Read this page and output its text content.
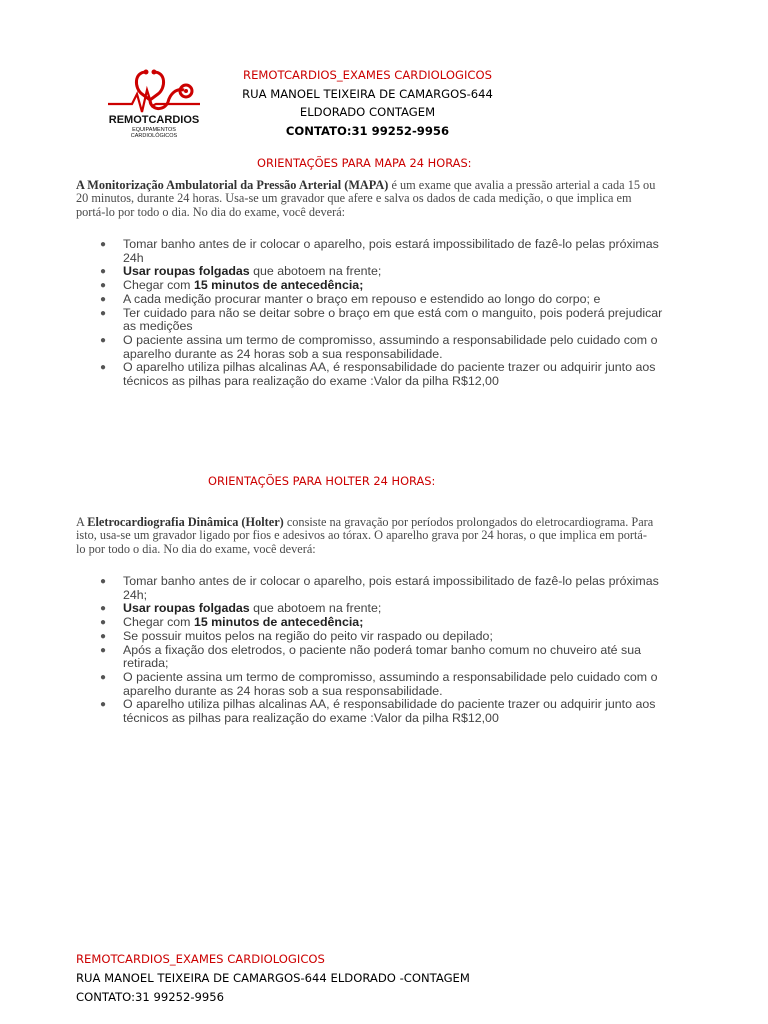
REMOTCARDIOS
EQUIPAMENTOS
CARDIOLÓGICOS
REMOTCARDIOS_EXAMES CARDIOLOGICOS
RUA MANOEL TEIXEIRA DE CAMARGOS-644
ELDORADO CONTAGEM
CONTATO:31 99252-9956
ORIENTAÇÕES PARA MAPA 24 HORAS:
A Monitorização Ambulatorial da Pressão Arterial (MAPA) é um exame que avalia a pressão arterial a cada 15 ou 20 minutos, durante 24 horas. Usa-se um gravador que afere e salva os dados de cada medição, o que implica em portá-lo por todo o dia. No dia do exame, você deverá:
● Tomar banho antes de ir colocar o aparelho, pois estará impossibilitado de fazê-lo pelas próximas 24h
● Usar roupas folgadas que abotoem na frente;
● Chegar com 15 minutos de antecedência;
● A cada medição procurar manter o braço em repouso e estendido ao longo do corpo; e
● Ter cuidado para não se deitar sobre o braço em que está com o manguito, pois poderá prejudicar as medições
● O paciente assina um termo de compromisso, assumindo a responsabilidade pelo cuidado com o aparelho durante as 24 horas sob a sua responsabilidade.
● O aparelho utiliza pilhas alcalinas AA, é responsabilidade do paciente trazer ou adquirir junto aos técnicos as pilhas para realização do exame :Valor da pilha R$12,00
ORIENTAÇÕES PARA HOLTER 24 HORAS:
A Eletrocardiografia Dinâmica (Holter) consiste na gravação por períodos prolongados do eletrocardiograma. Para isto, usa-se um gravador ligado por fios e adesivos ao tórax. O aparelho grava por 24 horas, o que implica em portá-lo por todo o dia. No dia do exame, você deverá:
● Tomar banho antes de ir colocar o aparelho, pois estará impossibilitado de fazê-lo pelas próximas 24h;
● Usar roupas folgadas que abotoem na frente;
● Chegar com 15 minutos de antecedência;
● Se possuir muitos pelos na região do peito vir raspado ou depilado;
● Após a fixação dos eletrodos, o paciente não poderá tomar banho comum no chuveiro até sua retirada;
● O paciente assina um termo de compromisso, assumindo a responsabilidade pelo cuidado com o aparelho durante as 24 horas sob a sua responsabilidade.
● O aparelho utiliza pilhas alcalinas AA, é responsabilidade do paciente trazer ou adquirir junto aos técnicos as pilhas para realização do exame :Valor da pilha R$12,00
REMOTCARDIOS_EXAMES CARDIOLOGICOS
RUA MANOEL TEIXEIRA DE CAMARGOS-644 ELDORADO -CONTAGEM
CONTATO:31 99252-9956
